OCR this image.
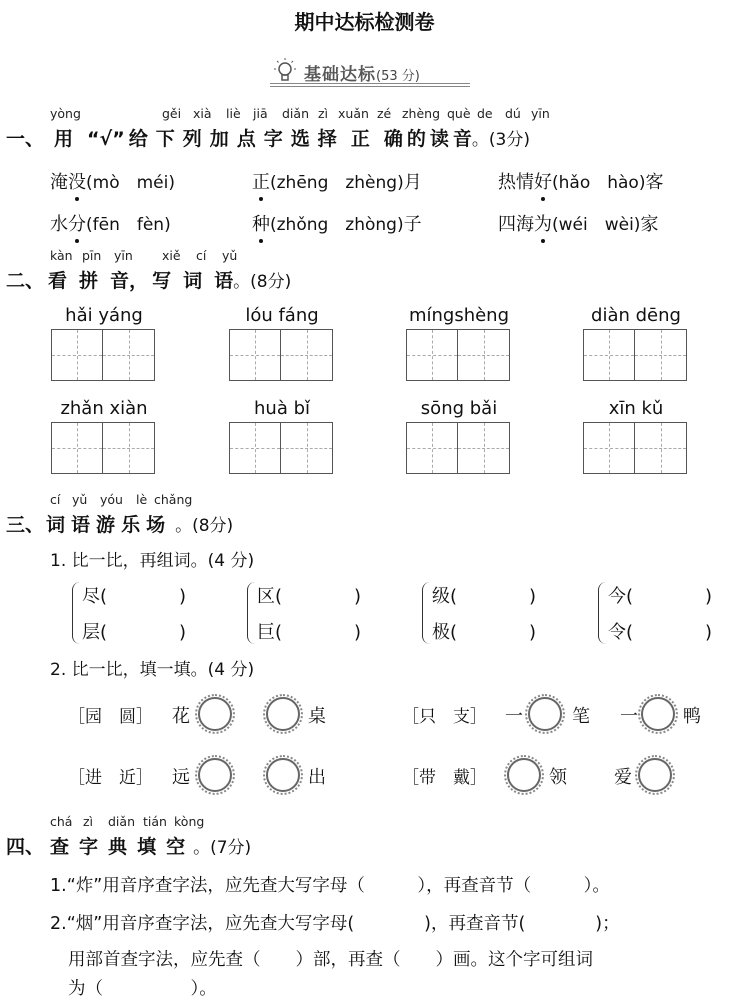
期中达标检测卷
基础达标(53 分)
yòng	gěi xià liè jiā diǎn zì xuǎn zé zhèng què de dú yīn
一、 用 “√” 给 下 列 加 点 字 选 择 正 确 的 读 音。(3分)
淹没(mò　méi)	正(zhēng　zhèng)月	热情好(hǎo　hào)客
水分(fēn　fèn)	种(zhǒng　zhòng)子	四海为(wéi　wèi)家
kàn pīn yīn xiě cí yǔ
二、 看 拼 音， 写 词 语。(8分)
hǎi yáng	lóu fáng	míngshèng	diàn dēng
zhǎn xiàn	huà bǐ	sōng bǎi	xīn kǔ
cí yǔ yóu lè chǎng
三、 词 语 游 乐 场 。(8分)
1. 比一比，再组词。(4 分)
尽(　　　　)
层(　　　　)
区(　　　　)
巨(　　　　)
级(　　　　)
极(　　　　)
今(　　　　)
令(　　　　)
2. 比一比，填一填。(4 分)
［园　圆］ 花	桌	［只　支］ 一	笔 一	鸭
［进　近］ 远	出	［带　戴］	领	爱
chá zì diǎn tián kòng
四、 查 字 典 填 空 。(7分)
1.“炸”用音序查字法，应先查大写字母（　　　），再查音节（　　　）。
2.“烟”用音序查字法，应先查大写字母(　　　　)，再查音节(　　　　)；
用部首查字法，应先查（　　）部，再查（　　）画。这个字可组词
为（　　　　　）。
